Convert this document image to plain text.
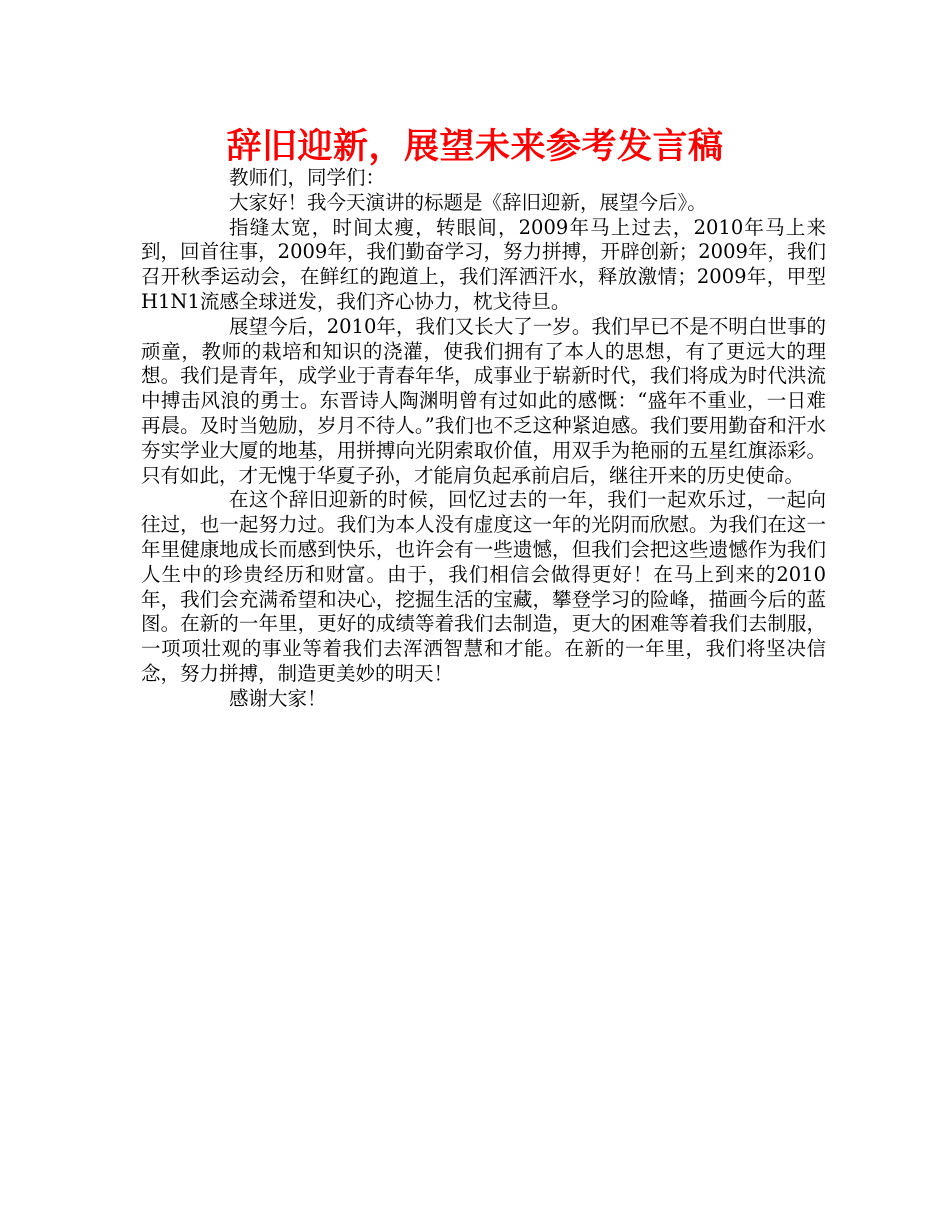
辞旧迎新，展望未来参考发言稿

教师们，同学们：

大家好！我今天演讲的标题是《辞旧迎新，展望今后》。

指缝太宽，时间太瘦，转眼间，2009年马上过去，2010年马上来到，回首往事，2009年，我们勤奋学习，努力拼搏，开辟创新；2009年，我们召开秋季运动会，在鲜红的跑道上，我们浑洒汗水，释放激情；2009年，甲型H1N1流感全球迸发，我们齐心协力，枕戈待旦。

展望今后，2010年，我们又长大了一岁。我们早已不是不明白世事的顽童，教师的栽培和知识的浇灌，使我们拥有了本人的思想，有了更远大的理想。我们是青年，成学业于青春年华，成事业于崭新时代，我们将成为时代洪流中搏击风浪的勇士。东晋诗人陶渊明曾有过如此的感慨：“盛年不重业，一日难再晨。及时当勉励，岁月不待人。”我们也不乏这种紧迫感。我们要用勤奋和汗水夯实学业大厦的地基，用拼搏向光阴索取价值，用双手为艳丽的五星红旗添彩。只有如此，才无愧于华夏子孙，才能肩负起承前启后，继往开来的历史使命。

在这个辞旧迎新的时候，回忆过去的一年，我们一起欢乐过，一起向往过，也一起努力过。我们为本人没有虚度这一年的光阴而欣慰。为我们在这一年里健康地成长而感到快乐，也许会有一些遗憾，但我们会把这些遗憾作为我们人生中的珍贵经历和财富。由于，我们相信会做得更好！在马上到来的2010年，我们会充满希望和决心，挖掘生活的宝藏，攀登学习的险峰，描画今后的蓝图。在新的一年里，更好的成绩等着我们去制造，更大的困难等着我们去制服，一项项壮观的事业等着我们去浑洒智慧和才能。在新的一年里，我们将坚决信念，努力拼搏，制造更美妙的明天！

感谢大家！
